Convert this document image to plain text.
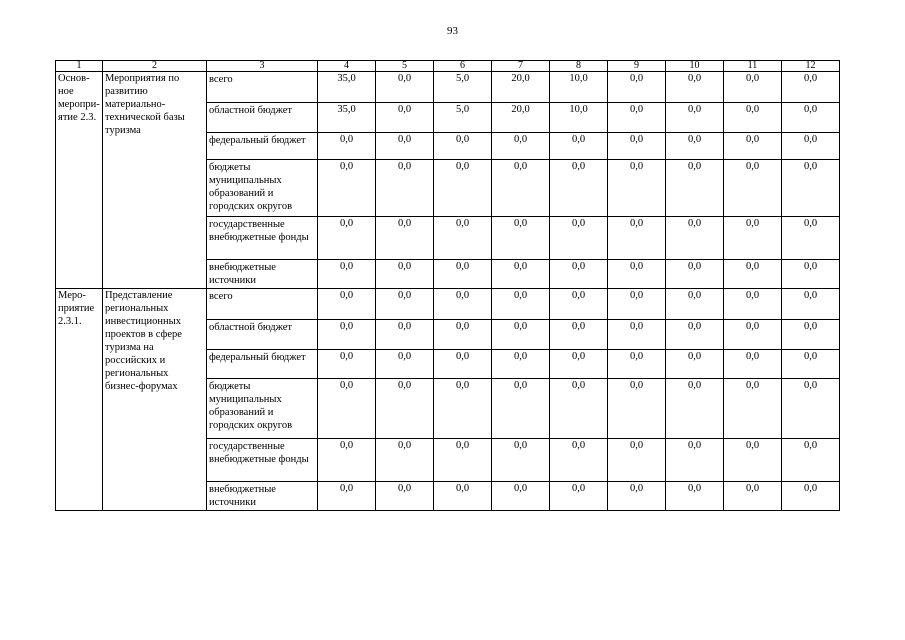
93
1	2	3	4	5	6	7	8	9	10	11	12
Основ-ное меропри-ятие 2.3.	Мероприятия по развитию материально-технической базы туризма	всего	35,0	0,0	5,0	20,0	10,0	0,0	0,0	0,0	0,0
		областной бюджет	35,0	0,0	5,0	20,0	10,0	0,0	0,0	0,0	0,0
		федеральный бюджет	0,0	0,0	0,0	0,0	0,0	0,0	0,0	0,0	0,0
		бюджеты муниципальных образований и городских округов	0,0	0,0	0,0	0,0	0,0	0,0	0,0	0,0	0,0
		государственные внебюджетные фонды	0,0	0,0	0,0	0,0	0,0	0,0	0,0	0,0	0,0
		внебюджетные источники	0,0	0,0	0,0	0,0	0,0	0,0	0,0	0,0	0,0
Меро-приятие 2.3.1.	Представление региональных инвестиционных проектов в сфере туризма на российских и региональных бизнес-форумах	всего	0,0	0,0	0,0	0,0	0,0	0,0	0,0	0,0	0,0
		областной бюджет	0,0	0,0	0,0	0,0	0,0	0,0	0,0	0,0	0,0
		федеральный бюджет	0,0	0,0	0,0	0,0	0,0	0,0	0,0	0,0	0,0
		бюджеты муниципальных образований и городских округов	0,0	0,0	0,0	0,0	0,0	0,0	0,0	0,0	0,0
		государственные внебюджетные фонды	0,0	0,0	0,0	0,0	0,0	0,0	0,0	0,0	0,0
		внебюджетные источники	0,0	0,0	0,0	0,0	0,0	0,0	0,0	0,0	0,0
